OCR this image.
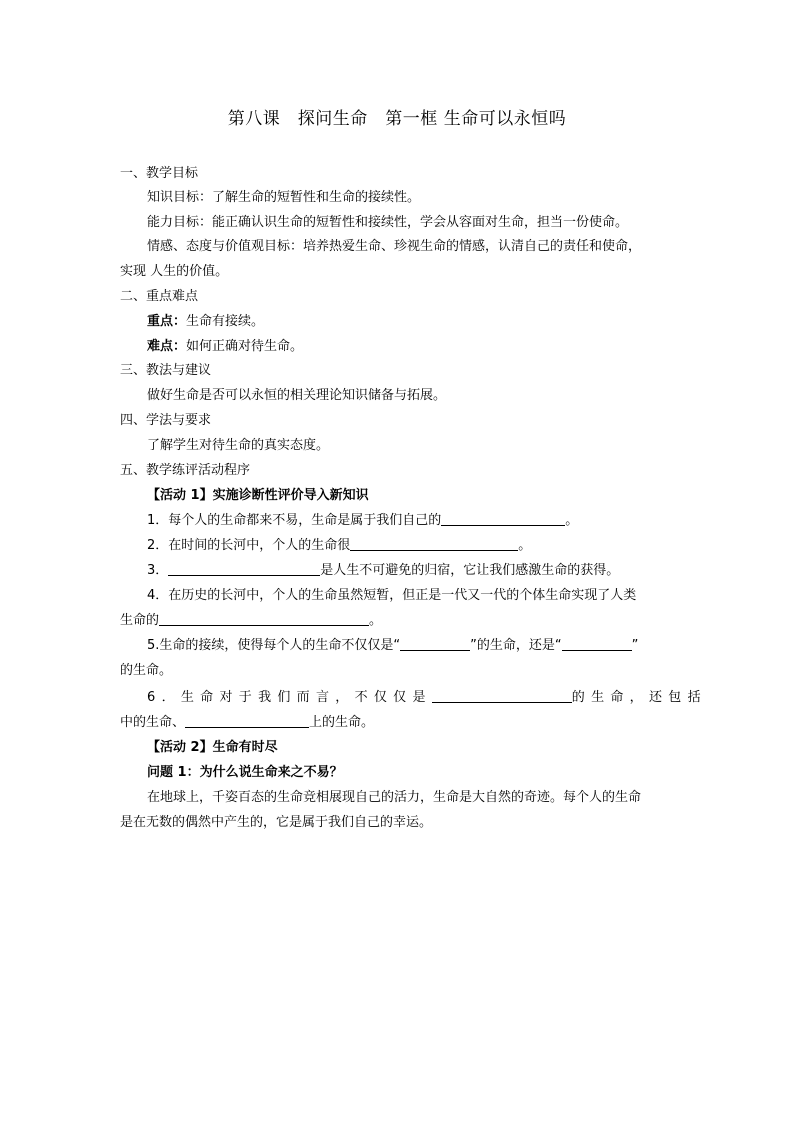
第八课　探问生命　第一框 生命可以永恒吗
一、教学目标
知识目标：了解生命的短暂性和生命的接续性。
能力目标：能正确认识生命的短暂性和接续性，学会从容面对生命，担当一份使命。
情感、态度与价值观目标：培养热爱生命、珍视生命的情感，认清自己的责任和使命，
实现 人生的价值。
二、重点难点
重点：生命有接续。
难点：如何正确对待生命。
三、教法与建议
做好生命是否可以永恒的相关理论知识储备与拓展。
四、学法与要求
了解学生对待生命的真实态度。
五、教学练评活动程序
【活动 1】实施诊断性评价导入新知识
1．每个人的生命都来不易，生命是属于我们自己的	。
2．在时间的长河中，个人的生命很	。
3．	是人生不可避免的归宿，它让我们感激生命的获得。
4．在历史的长河中，个人的生命虽然短暂，但正是一代又一代的个体生命实现了人类
生命的	。
5.生命的接续，使得每个人的生命不仅仅是“	”的生命，还是“	”
的生命。
6．生命对于我们而言，不仅仅是	的生命，还包括
中的生命、	上的生命。
【活动 2】生命有时尽
问题 1：为什么说生命来之不易？
在地球上，千姿百态的生命竞相展现自己的活力，生命是大自然的奇迹。每个人的生命
是在无数的偶然中产生的，它是属于我们自己的幸运。
